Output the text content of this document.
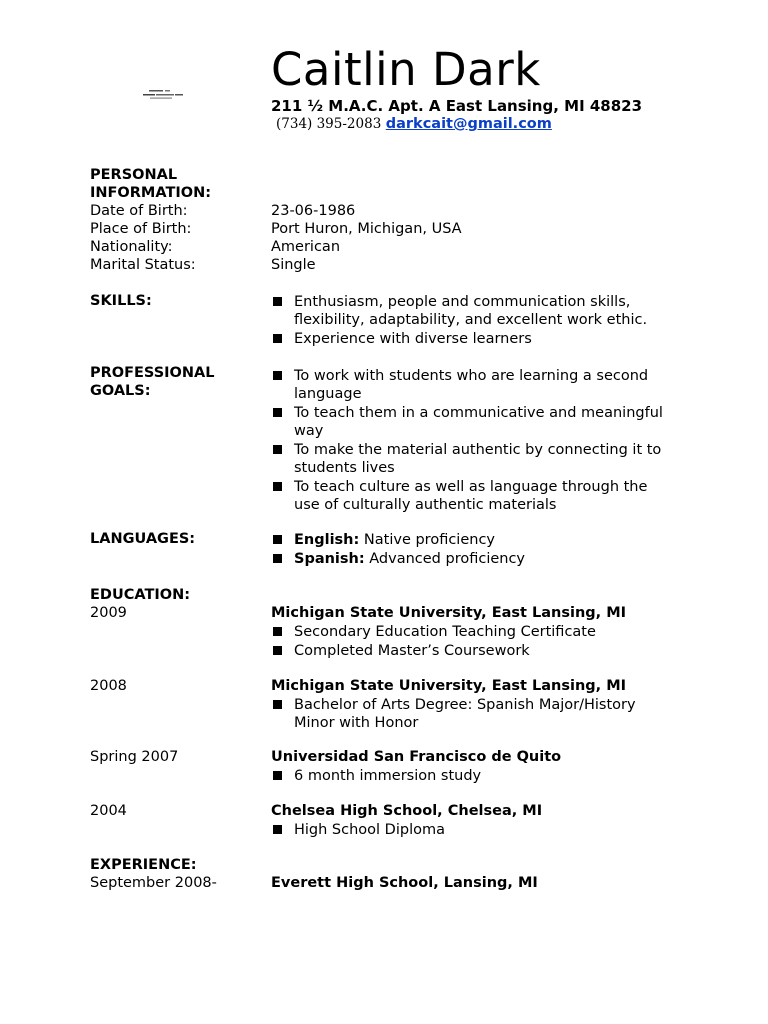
Caitlin Dark
211 ½ M.A.C. Apt. A East Lansing, MI 48823
(734) 395-2083 darkcait@gmail.com
PERSONAL INFORMATION:
Date of Birth:	23-06-1986
Place of Birth:	Port Huron, Michigan, USA
Nationality:	American
Marital Status:	Single
SKILLS:	Enthusiasm, people and communication skills, flexibility, adaptability, and excellent work ethic.
Experience with diverse learners
PROFESSIONAL GOALS:
To work with students who are learning a second language
To teach them in a communicative and meaningful way
To make the material authentic by connecting it to students lives
To teach culture as well as language through the use of culturally authentic materials
LANGUAGES:	English: Native proficiency
Spanish: Advanced proficiency
EDUCATION:
2009	Michigan State University, East Lansing, MI
Secondary Education Teaching Certificate
Completed Master’s Coursework
2008	Michigan State University, East Lansing, MI
Bachelor of Arts Degree: Spanish Major/History Minor with Honor
Spring 2007	Universidad San Francisco de Quito
6 month immersion study
2004	Chelsea High School, Chelsea, MI
High School Diploma
EXPERIENCE:
September 2008-	Everett High School, Lansing, MI
